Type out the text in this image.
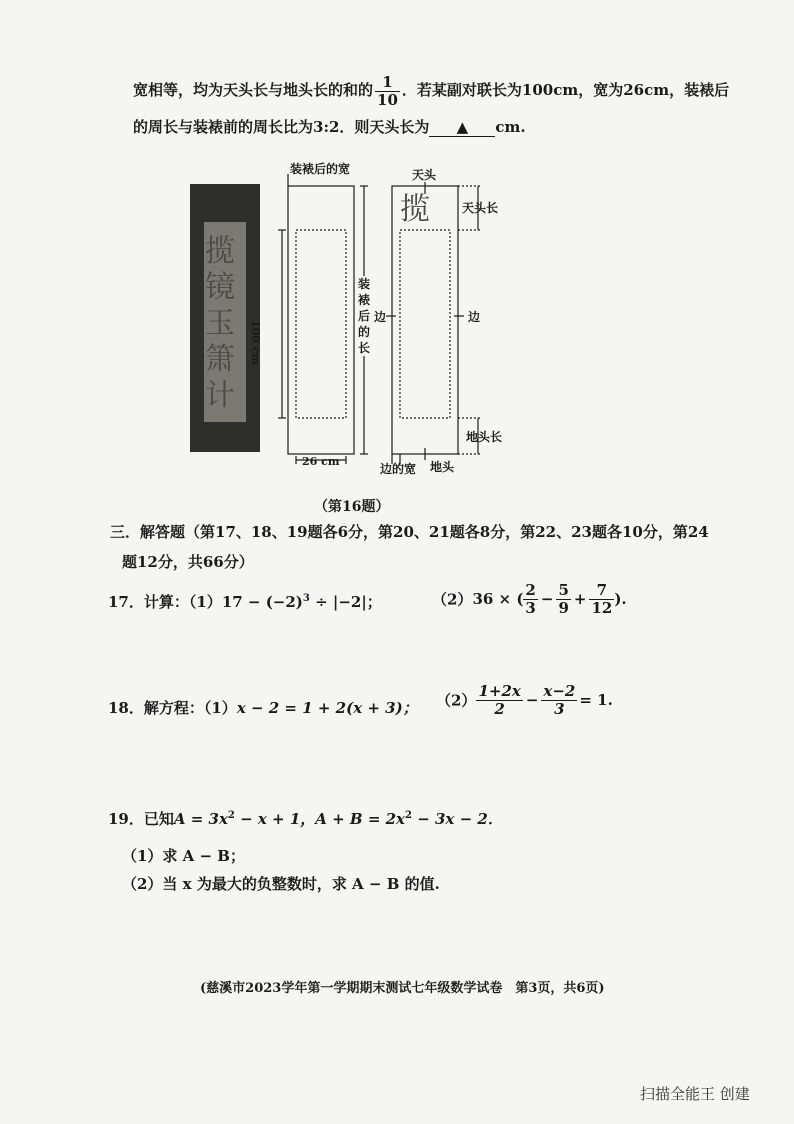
宽相等，均为天头长与地头长的和的 $\frac{1}{10}$ ．若某副对联长为100cm，宽为26cm，装裱后
的周长与装裱前的周长比为3:2．则天头长为 ▲ cm.
揽
揽
镜
玉
箫
计
装裱后的宽
100 cm
装
裱
后
的
长
26 cm
天头
天头长
边	边
地头长
边的宽 地头
（第16题）
三．解答题（第17、18、19题各6分，第20、21题各8分，第22、23题各10分，第24
题12分，共66分）
17．计算：$(1)17 - (-2)^3 \div |-2|$；	（2）36 × ( $\frac{2}{3} - \frac{5}{9} + \frac{7}{12}$ ).
18．解方程：（1）x − 2 = 1 + 2(x + 3)； $(2) \frac{1+2x}{2} - \frac{x-2}{3} = 1$.
19．已知$A = 3x^2 - x + 1$，$A + B = 2x^2 - 3x - 2$．
（1）求 A − B；
（2）当 x 为最大的负整数时，求 A − B 的值.
(慈溪市2023学年第一学期期末测试七年级数学试卷　第3页，共6页)
扫描全能王 创建
